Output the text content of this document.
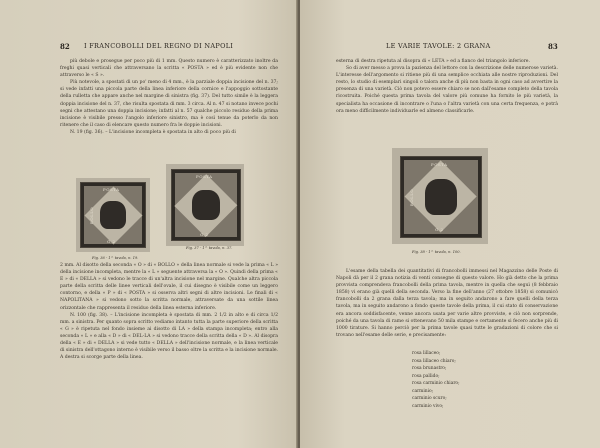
82 I FRANCOBOLLI DEL REGNO DI NAPOLI

più debole e prosegue per poco più di 1 mm. Questo numero è caratterizzato inoltre da freghi quasi verticali che attraversano la scritta « POSTA » ed è più evidente non che attraverso le « S ».

Più notevole, a spostati di un po' meno di 4 mm., è la parziale doppia incisione del n. 37; si vede infatti una piccola parte della linea inferiore della cornice e l'appoggio sottostante della rulletta che appare anche nel margine di sinistra (fig. 37). Del tutto simile è la leggera doppia incisione del n. 37, che risulta spostata di mm. 3 circa. Al n. 47 si notano invece pochi segni che attestano una doppia incisione; infatti al n. 57 qualche piccolo residuo della prima incisione è visibile presso l'angolo inferiore sinistro, ma è così tenue da poterlo da non ritenere che il caso di elencare questo numero fra le doppie incisioni.

N. 19 (fig. 36). – L'incisione incompleta è spostata in alto di poco più di

POSTA
BOLLO
G 2
Fig. 36 - 1^ tavola, n. 19.
POSTA
G 2
Fig. 37 - 1^ tavola, n. 37.

2 mm. Al disotto della seconda « O » di « BOLLO » della linea normale si vede la prima « L » della incisione incompleta, mentre la « L » seguente attraversa la « O ». Quindi della prima « E » di « DELLA » si vedono le tracce di un'altra incisione nel margine. Qualche altra piccola parte della scritta delle linee verticali dell'ovale, il cui disegno è visibile come un leggero contorno, e della « P » di « POSTA » si osserva altri segni di altre incisioni. Le finali di « NAPOLITANA » si vedono sotto la scritta normale, attraversate da una sottile linea orizzontale che rappresenta il residuo della linea esterna inferiore.

N. 100 (fig. 38). – L'incisione incompleta è spostata di mm. 2 1/2 in alto e di circa 1/2 mm. a sinistra. Per quanto sopra scritto vediamo intanto tutta la parte superiore della scritta « G » è ripetuta nel fondo insieme ai disotto di LA » della stampa incompleta; entro alla seconda « L » e alla « D » di « DEL-LA » si vedono tracce della scritta della « D ». Al disopra della « E » di « DELLA » si vede tutto « DELLA » dell'incisione normale, e la linea verticale di sinistra dell'ottagono interno è visibile verso il basso oltre la scritta e la incisione normale. A destra si scorge parte della linea.

LE VARIE TAVOLE: 2 GRANA	83

esterna di destra ripetuta al disopra di « LETA » ed a fianco del triangolo inferiore.

So di aver messo a prova la pazienza del lettore con la descrizione delle numerose varietà. L'interesse dell'argomento si ritiene più di una semplice occhiata alle nostre riproduzioni. Del resto, lo studio di esemplari singoli o talora anche di più non basta in ogni caso ad avvertire la presenza di una varietà. Ciò non potevo essere chiaro se non dall'esame completo della tavola ricostruita. Poiché questa prima tavola del valore più comune ha fornito le più varietà, la specialista ha occasione di incontrare o l'una o l'altra varietà con una certa frequenza, e potrà ora meno difficilmente individuarle ed almeno classificarle.

POSTA
BOLLO
G 2
Fig. 38 - 1^ tavola, n. 100.

L'esame della tabella dei quantitativi di francobolli immessi nel Magazzino delle Poste di Napoli dà per il 2 grana notizia di venti consegne di questo valore. Ho già detto che la prima provvista comprendeva francobolli della prima tavola, mentre in quella che seguì (8 febbraio 1858) vi erano già quelli della seconda. Verso la fine dell'anno (27 ottobre 1858) si comunicò francobolli da 2 grana dalla terza tavola; ma in seguito andarono a fare quelli della terza tavola, ma in seguito andarono a fondo queste tavole della prima, il cui stato di conservazione era ancora soddisfacente, venne ancora usata per varie altre provviste, e ciò non sorprende, poiché da una tavola di rame si ottenevano 50 mila stampe e certamente si fecero anche più di 1000 tirature. Si hanno perciò per la prima tavole quasi tutte le gradazioni di colore che si trovano nell'esame delle serie, e precisamente:

rosa lillaceo;
rosa lillaceo chiaro;
rosa brunastro;
rosa pallido;
rosa carminio chiaro;
carminio;
carminio scuro;
carminio vivo;
